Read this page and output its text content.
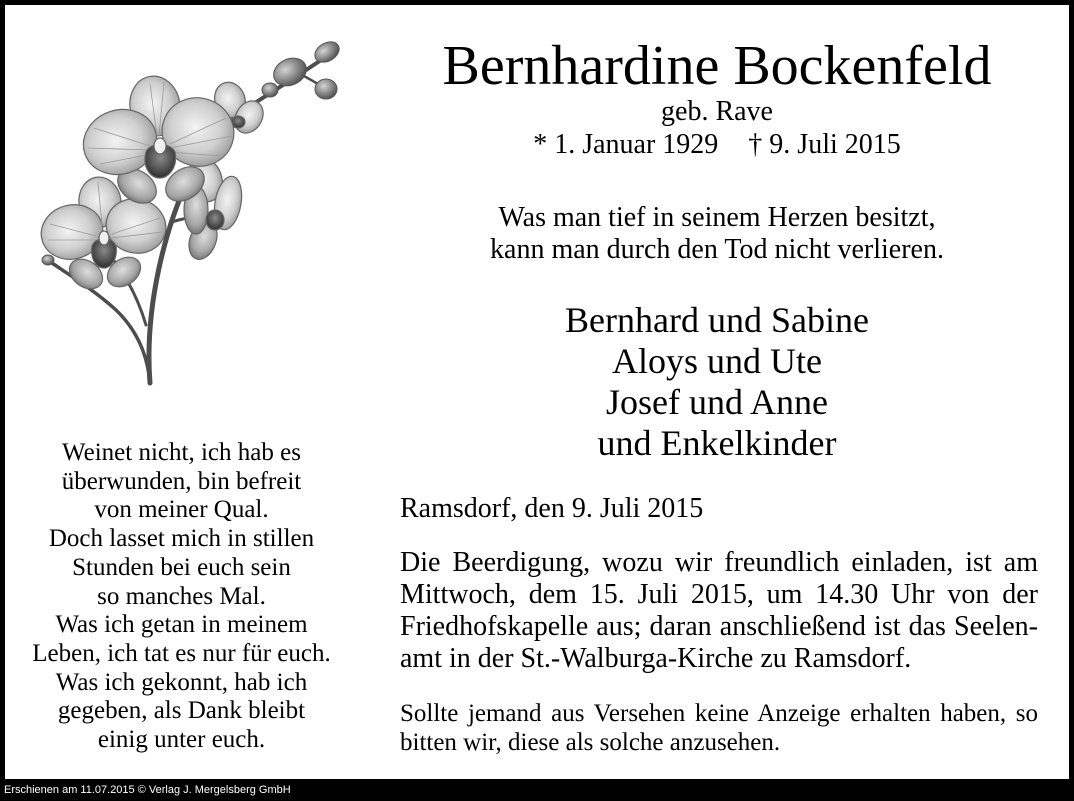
Bernhardine Bockenfeld
geb. Rave
* 1. Januar 1929 † 9. Juli 2015
Was man tief in seinem Herzen besitzt,
kann man durch den Tod nicht verlieren.
Bernhard und Sabine
Aloys und Ute
Josef und Anne
und Enkelkinder
Ramsdorf, den 9. Juli 2015
Die Beerdigung, wozu wir freundlich einladen, ist am
Mittwoch, dem 15. Juli 2015, um 14.30 Uhr von der
Friedhofskapelle aus; daran anschließend ist das Seelen-
amt in der St.-Walburga-Kirche zu Ramsdorf.
Sollte jemand aus Versehen keine Anzeige erhalten haben, so
bitten wir, diese als solche anzusehen.
Weinet nicht, ich hab es
überwunden, bin befreit
von meiner Qual.
Doch lasset mich in stillen
Stunden bei euch sein
so manches Mal.
Was ich getan in meinem
Leben, ich tat es nur für euch.
Was ich gekonnt, hab ich
gegeben, als Dank bleibt
einig unter euch.
Erschienen am 11.07.2015 © Verlag J. Mergelsberg GmbH
